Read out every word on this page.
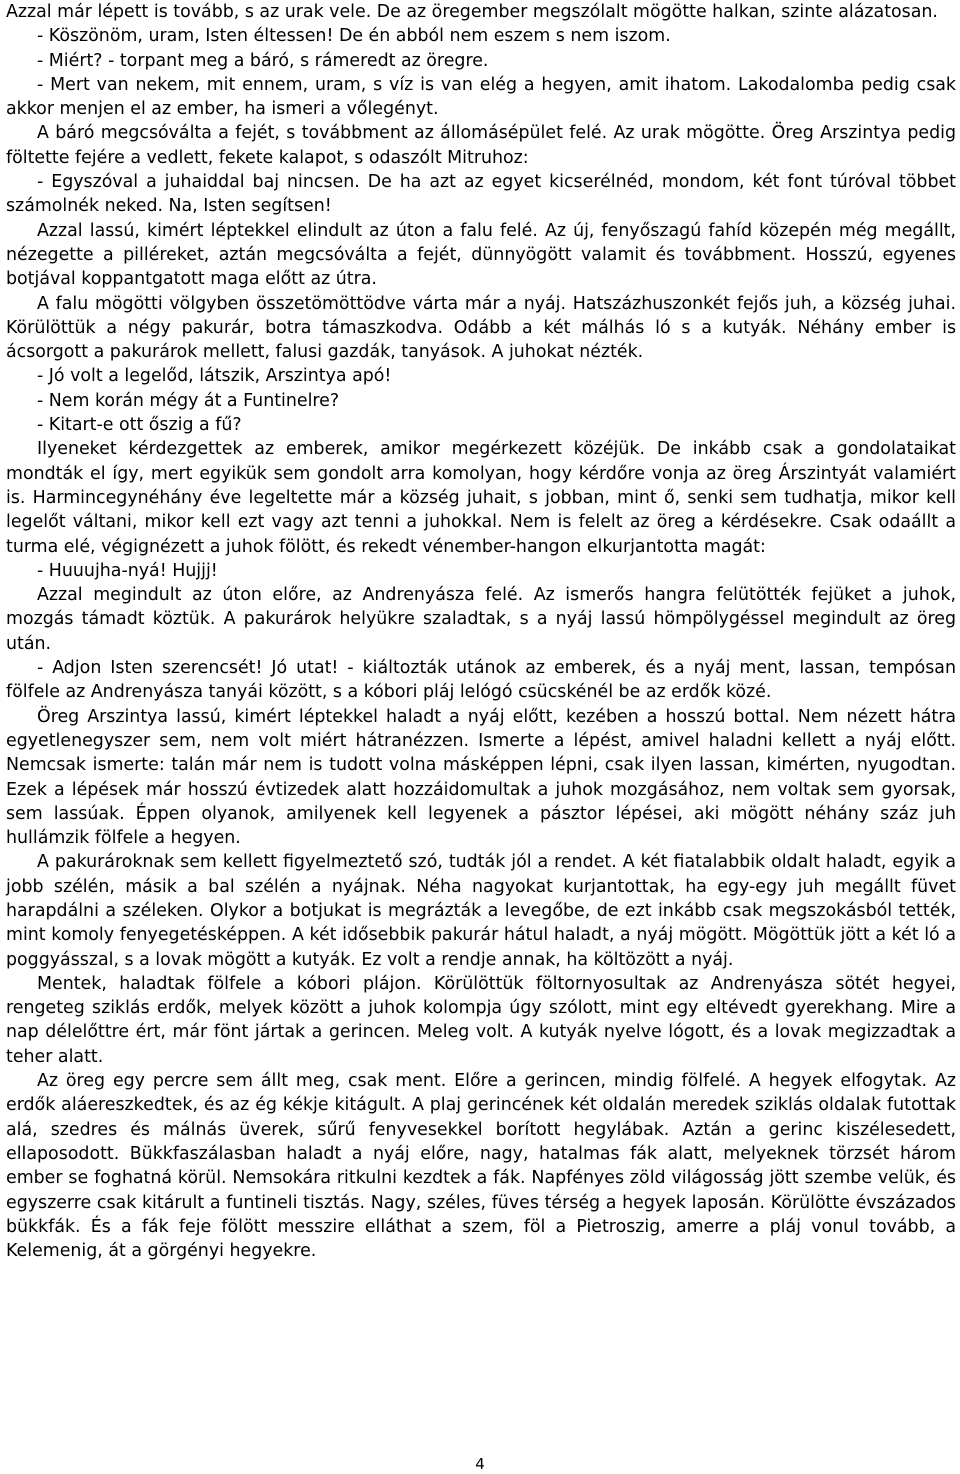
Azzal már lépett is tovább, s az urak vele. De az öregember megszólalt mögötte halkan, szinte alázatosan.

- Köszönöm, uram, Isten éltessen! De én abból nem eszem s nem iszom.

- Miért? - torpant meg a báró, s rámeredt az öregre.

- Mert van nekem, mit ennem, uram, s víz is van elég a hegyen, amit ihatom. Lakodalomba pedig csak akkor menjen el az ember, ha ismeri a vőlegényt.

A báró megcsóválta a fejét, s továbbment az állomásépület felé. Az urak mögötte. Öreg Arszintya pedig föltette fejére a vedlett, fekete kalapot, s odaszólt Mitruhoz:

- Egyszóval a juhaiddal baj nincsen. De ha azt az egyet kicserélnéd, mondom, két font túróval többet számolnék neked. Na, Isten segítsen!

Azzal lassú, kimért léptekkel elindult az úton a falu felé. Az új, fenyőszagú fahíd közepén még megállt, nézegette a pilléreket, aztán megcsóválta a fejét, dünnyögött valamit és továbbment. Hosszú, egyenes botjával koppantgatott maga előtt az útra.

A falu mögötti völgyben összetömöttödve várta már a nyáj. Hatszázhuszonkét fejős juh, a község juhai. Körülöttük a négy pakurár, botra támaszkodva. Odább a két málhás ló s a kutyák. Néhány ember is ácsorgott a pakurárok mellett, falusi gazdák, tanyások. A juhokat nézték.

- Jó volt a legelőd, látszik, Arszintya apó!

- Nem korán mégy át a Funtinelre?

- Kitart-e ott őszig a fű?

Ilyeneket kérdezgettek az emberek, amikor megérkezett közéjük. De inkább csak a gondolataikat mondták el így, mert egyikük sem gondolt arra komolyan, hogy kérdőre vonja az öreg Árszintyát valamiért is. Harmincegynéhány éve legeltette már a község juhait, s jobban, mint ő, senki sem tudhatja, mikor kell legelőt váltani, mikor kell ezt vagy azt tenni a juhokkal. Nem is felelt az öreg a kérdésekre. Csak odaállt a turma elé, végignézett a juhok fölött, és rekedt vénember-hangon elkurjantotta magát:

- Huuujha-nyá! Hujjj!

Azzal megindult az úton előre, az Andrenyásza felé. Az ismerős hangra felütötték fejüket a juhok, mozgás támadt köztük. A pakurárok helyükre szaladtak, s a nyáj lassú hömpölygéssel megindult az öreg után.

- Adjon Isten szerencsét! Jó utat! - kiáltozták utánok az emberek, és a nyáj ment, lassan, tempósan fölfele az Andrenyásza tanyái között, s a kóbori pláj lelógó csücskénél be az erdők közé.

Öreg Arszintya lassú, kimért léptekkel haladt a nyáj előtt, kezében a hosszú bottal. Nem nézett hátra egyetlenegyszer sem, nem volt miért hátranézzen. Ismerte a lépést, amivel haladni kellett a nyáj előtt. Nemcsak ismerte: talán már nem is tudott volna másképpen lépni, csak ilyen lassan, kimérten, nyugodtan. Ezek a lépések már hosszú évtizedek alatt hozzáidomultak a juhok mozgásához, nem voltak sem gyorsak, sem lassúak. Éppen olyanok, amilyenek kell legyenek a pásztor lépései, aki mögött néhány száz juh hullámzik fölfele a hegyen.

A pakurároknak sem kellett figyelmeztető szó, tudták jól a rendet. A két fiatalabbik oldalt haladt, egyik a jobb szélén, másik a bal szélén a nyájnak. Néha nagyokat kurjantottak, ha egy-egy juh megállt füvet harapdálni a széleken. Olykor a botjukat is megrázták a levegőbe, de ezt inkább csak megszokásból tették, mint komoly fenyegetésképpen. A két idősebbik pakurár hátul haladt, a nyáj mögött. Mögöttük jött a két ló a poggyásszal, s a lovak mögött a kutyák. Ez volt a rendje annak, ha költözött a nyáj.

Mentek, haladtak fölfele a kóbori plájon. Körülöttük föltornyosultak az Andrenyásza sötét hegyei, rengeteg sziklás erdők, melyek között a juhok kolompja úgy szólott, mint egy eltévedt gyerekhang. Mire a nap délelőttre ért, már fönt jártak a gerincen. Meleg volt. A kutyák nyelve lógott, és a lovak megizzadtak a teher alatt.

Az öreg egy percre sem állt meg, csak ment. Előre a gerincen, mindig fölfelé. A hegyek elfogytak. Az erdők aláereszkedtek, és az ég kékje kitágult. A plaj gerincének két oldalán meredek sziklás oldalak futottak alá, szedres és málnás üverek, sűrű fenyvesekkel borított hegylábak. Aztán a gerinc kiszélesedett, ellaposodott. Bükkfaszálasban haladt a nyáj előre, nagy, hatalmas fák alatt, melyeknek törzsét három ember se foghatná körül. Nemsokára ritkulni kezdtek a fák. Napfényes zöld világosság jött szembe velük, és egyszerre csak kitárult a funtineli tisztás. Nagy, széles, füves térség a hegyek laposán. Körülötte évszázados bükkfák. És a fák feje fölött messzire elláthat a szem, föl a Pietroszig, amerre a pláj vonul tovább, a Kelemenig, át a görgényi hegyekre.

4
